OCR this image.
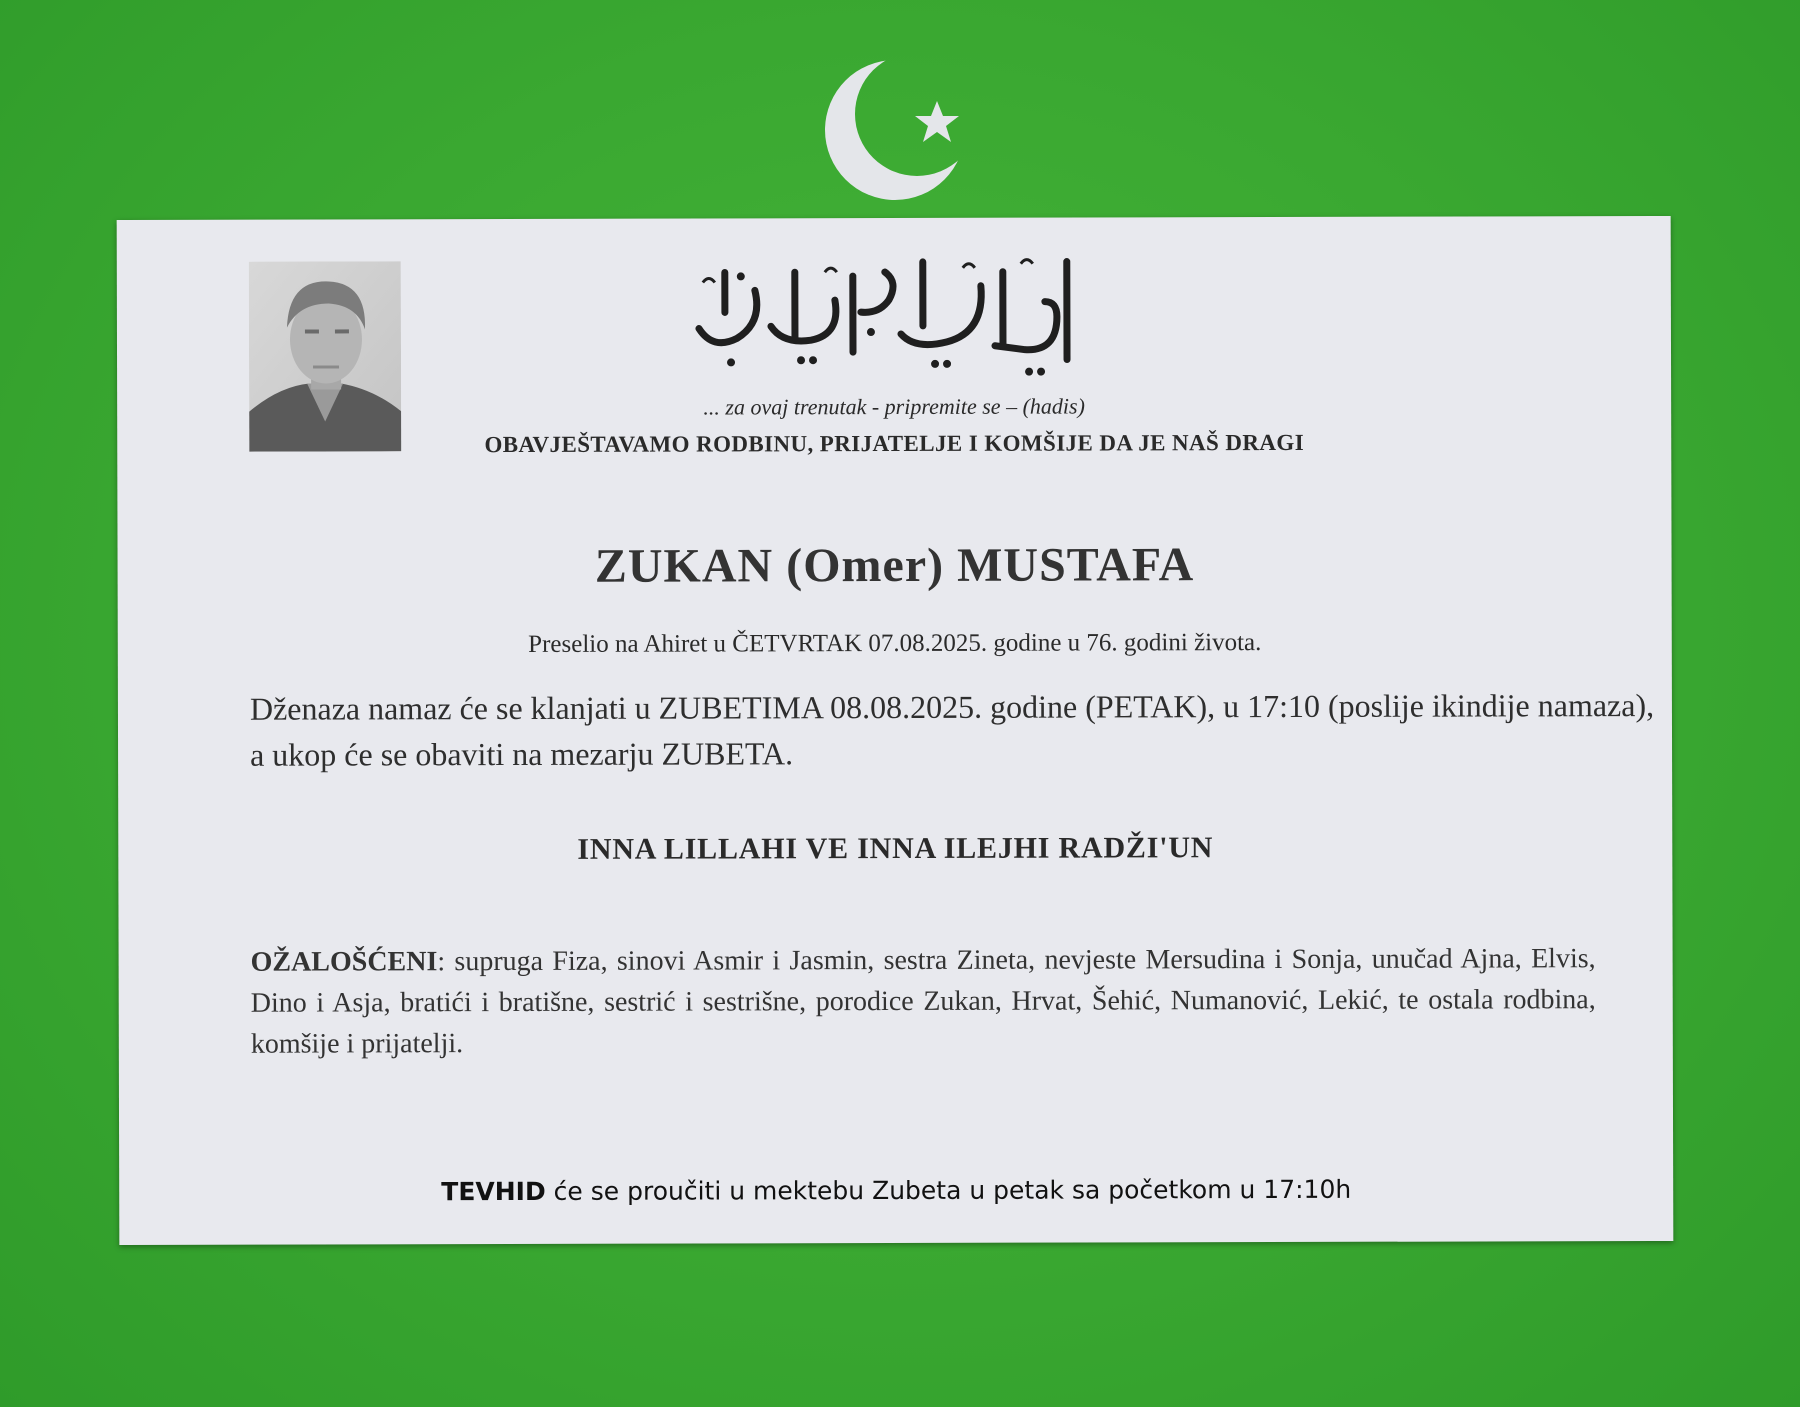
... za ovaj trenutak - pripremite se – (hadis)
OBAVJEŠTAVAMO RODBINU, PRIJATELJE I KOMŠIJE DA JE NAŠ DRAGI
ZUKAN (Omer) MUSTAFA
Preselio na Ahiret u ČETVRTAK 07.08.2025. godine u 76. godini života.
Dženaza namaz će se klanjati u ZUBETIMA 08.08.2025. godine (PETAK), u 17:10 (poslije ikindije namaza), a ukop će se obaviti na mezarju ZUBETA.
INNA LILLAHI VE INNA ILEJHI RADŽI'UN
OŽALOŠĆENI: supruga Fiza, sinovi Asmir i Jasmin, sestra Zineta, nevjeste Mersudina i Sonja, unučad Ajna, Elvis, Dino i Asja, bratići i bratišne, sestrić i sestrišne, porodice Zukan, Hrvat, Šehić, Numanović, Lekić, te ostala rodbina, komšije i prijatelji.
TEVHID će se proučiti u mektebu Zubeta u petak sa početkom u 17:10h
